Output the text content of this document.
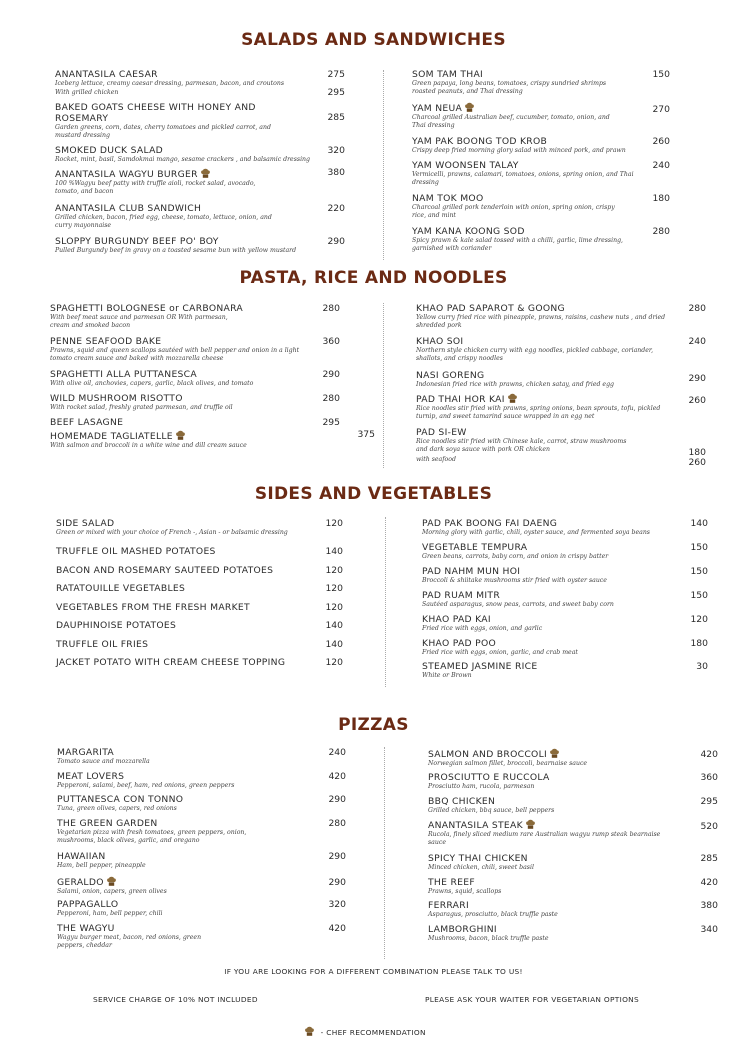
SALADS AND SANDWICHES
ANANTASILA CAESAR	275
Iceberg lettuce, creamy caesar dressing, parmesan, bacon, and croutons
With grilled chicken	295
BAKED GOATS CHEESE WITH HONEY AND ROSEMARY	285
Garden greens, corn, dates, cherry tomatoes and pickled carrot, and mustard dressing
SMOKED DUCK SALAD	320
Rocket, mint, basil, Samdokmai mango, sesame crackers , and balsamic dressing
ANANTASILA WAGYU BURGER	380
100 %Wagyu beef patty with truffle aioli, rocket salad, avocado, tomato, and bacon
ANANTASILA CLUB SANDWICH	220
Grilled chicken, bacon, fried egg, cheese, tomato, lettuce, onion, and curry mayonnaise
SLOPPY BURGUNDY BEEF PO' BOY	290
Pulled Burgundy beef in gravy on a toasted sesame bun with yellow mustard
SOM TAM THAI	150
Green papaya, long beans, tomatoes, crispy sundried shrimps roasted peanuts, and Thai dressing
YAM NEUA	270
Charcoal grilled Australian beef, cucumber, tomato, onion, and Thai dressing
YAM PAK BOONG TOD KROB	260
Crispy deep fried morning glory salad with minced pork, and prawn
YAM WOONSEN TALAY	240
Vermicelli, prawns, calamari, tomatoes, onions, spring onion, and Thai dressing
NAM TOK MOO	180
Charcoal grilled pork tenderloin with onion, spring onion, crispy rice, and mint
YAM KANA KOONG SOD	280
Spicy prawn & kale salad tossed with a chilli, garlic, lime dressing, garnished with coriander
PASTA, RICE AND NOODLES
SPAGHETTI BOLOGNESE or CARBONARA	280
With beef meat sauce and parmesan OR With parmesan, cream and smoked bacon
PENNE SEAFOOD BAKE	360
Prawns, squid and queen scallops sautéed with bell pepper and onion in a light tomato cream sauce and baked with mozzarella cheese
SPAGHETTI ALLA PUTTANESCA	290
With olive oil, anchovies, capers, garlic, black olives, and tomato
WILD MUSHROOM RISOTTO	280
With rocket salad, freshly grated parmesan, and truffle oil
BEEF LASAGNE	295
HOMEMADE TAGLIATELLE	375
With salmon and broccoli in a white wine and dill cream sauce
KHAO PAD SAPAROT & GOONG	280
Yellow curry fried rice with pineapple, prawns, raisins, cashew nuts , and dried shredded pork
KHAO SOI	240
Northern style chicken curry with egg noodles, pickled cabbage, coriander, shallots, and crispy noodles
NASI GORENG	290
Indonesian fried rice with prawns, chicken satay, and fried egg
PAD THAI HOR KAI	260
Rice noodles stir fried with prawns, spring onions, bean sprouts, tofu, pickled turnip, and sweet tamarind sauce wrapped in an egg net
PAD SI-EW
Rice noodles stir fried with Chinese kale, carrot, straw mushrooms and dark soya sauce with pork OR chicken	180
with seafood	260
SIDES AND VEGETABLES
SIDE SALAD	120
Green or mixed with your choice of French -, Asian - or balsamic dressing
TRUFFLE OIL MASHED POTATOES	140
BACON AND ROSEMARY SAUTEED POTATOES	120
RATATOUILLE VEGETABLES	120
VEGETABLES FROM THE FRESH MARKET	120
DAUPHINOISE POTATOES	140
TRUFFLE OIL FRIES	140
JACKET POTATO WITH CREAM CHEESE TOPPING	120
PAD PAK BOONG FAI DAENG	140
Morning glory with garlic, chili, oyster sauce, and fermented soya beans
VEGETABLE TEMPURA	150
Green beans, carrots, baby corn, and onion in crispy batter
PAD NAHM MUN HOI	150
Broccoli & shiitake mushrooms stir fried with oyster sauce
PAD RUAM MITR	150
Sautéed asparagus, snow peas, carrots, and sweet baby corn
KHAO PAD KAI	120
Fried rice with eggs, onion, and garlic
KHAO PAD POO	180
Fried rice with eggs, onion, garlic, and crab meat
STEAMED JASMINE RICE	30
White or Brown
PIZZAS
MARGARITA	240
Tomato sauce and mozzarella
MEAT LOVERS	420
Pepperoni, salami, beef, ham, red onions, green peppers
PUTTANESCA CON TONNO	290
Tuna, green olives, capers, red onions
THE GREEN GARDEN	280
Vegetarian pizza with fresh tomatoes, green peppers, onion, mushrooms, black olives, garlic, and oregano
HAWAIIAN	290
Ham, bell pepper, pineapple
GERALDO	290
Salami, onion, capers, green olives
PAPPAGALLO	320
Pepperoni, ham, bell pepper, chili
THE WAGYU	420
Wagyu burger meat, bacon, red onions, green peppers, cheddar
SALMON AND BROCCOLI	420
Norwegian salmon fillet, broccoli, bearnaise sauce
PROSCIUTTO E RUCCOLA	360
Prosciutto ham, rucola, parmesan
BBQ CHICKEN	295
Grilled chicken, bbq sauce, bell peppers
ANANTASILA STEAK	520
Rucola, finely sliced medium rare Australian wagyu rump steak bearnaise sauce
SPICY THAI CHICKEN	285
Minced chicken, chili, sweet basil
THE REEF	420
Prawns, squid, scallops
FERRARI	380
Asparagus, prosciutto, black truffle paste
LAMBORGHINI	340
Mushrooms, bacon, black truffle paste
IF YOU ARE LOOKING FOR A DIFFERENT COMBINATION PLEASE TALK TO US!
SERVICE CHARGE OF 10% NOT INCLUDED	PLEASE ASK YOUR WAITER FOR VEGETARIAN OPTIONS
- CHEF RECOMMENDATION
